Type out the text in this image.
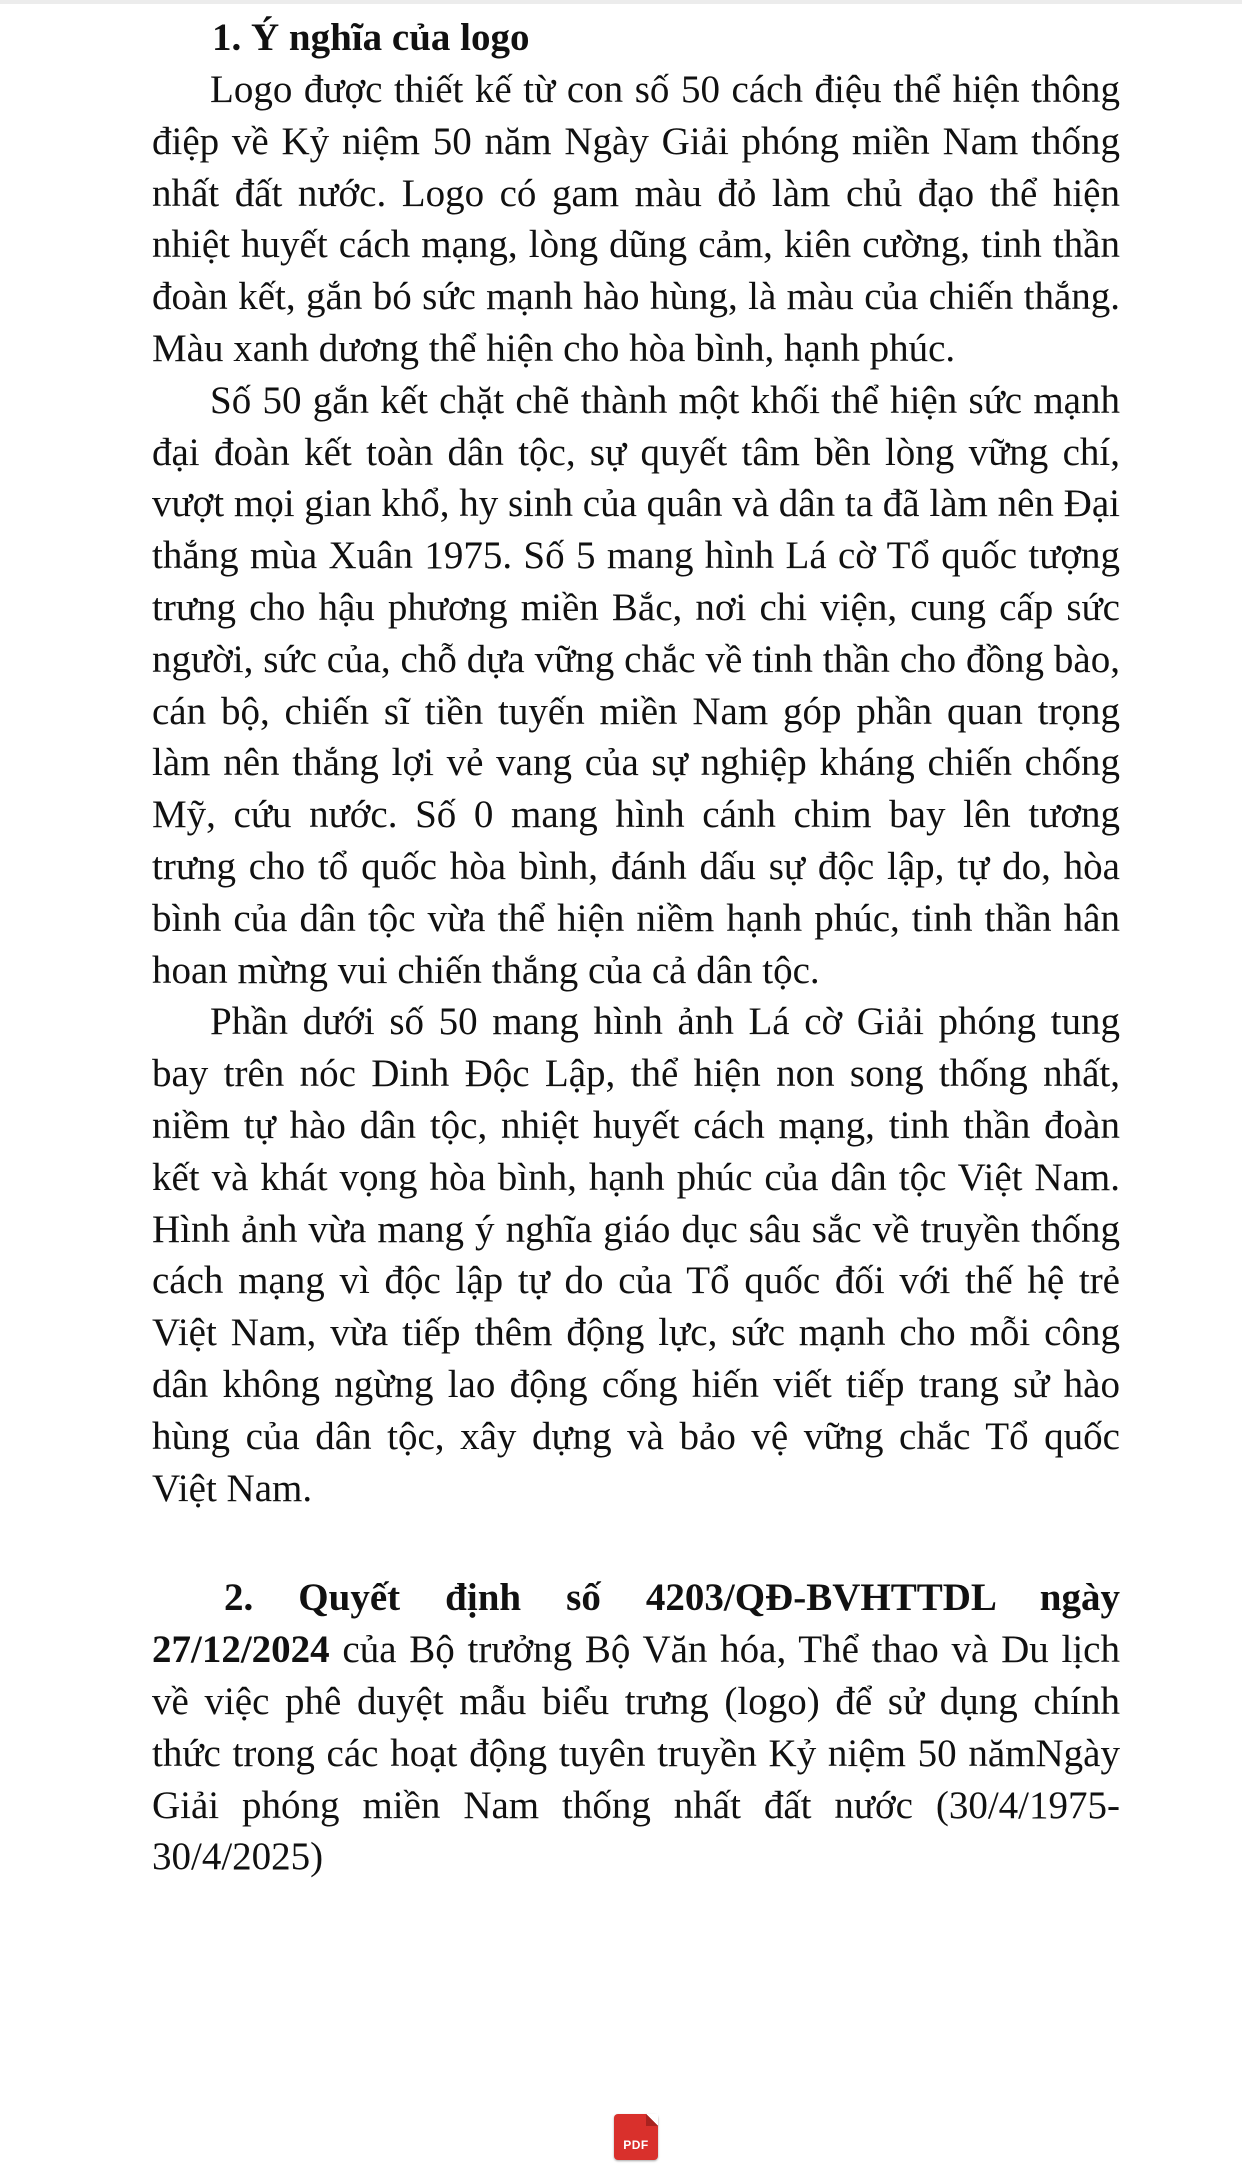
1. Ý nghĩa của logo

Logo được thiết kế từ con số 50 cách điệu thể hiện thông điệp về Kỷ niệm 50 năm Ngày Giải phóng miền Nam thống nhất đất nước. Logo có gam màu đỏ làm chủ đạo thể hiện nhiệt huyết cách mạng, lòng dũng cảm, kiên cường, tinh thần đoàn kết, gắn bó sức mạnh hào hùng, là màu của chiến thắng. Màu xanh dương thể hiện cho hòa bình, hạnh phúc.

Số 50 gắn kết chặt chẽ thành một khối thể hiện sức mạnh đại đoàn kết toàn dân tộc, sự quyết tâm bền lòng vững chí, vượt mọi gian khổ, hy sinh của quân và dân ta đã làm nên Đại thắng mùa Xuân 1975. Số 5 mang hình Lá cờ Tổ quốc tượng trưng cho hậu phương miền Bắc, nơi chi viện, cung cấp sức người, sức của, chỗ dựa vững chắc về tinh thần cho đồng bào, cán bộ, chiến sĩ tiền tuyến miền Nam góp phần quan trọng làm nên thắng lợi vẻ vang của sự nghiệp kháng chiến chống Mỹ, cứu nước. Số 0 mang hình cánh chim bay lên tương trưng cho tổ quốc hòa bình, đánh dấu sự độc lập, tự do, hòa bình của dân tộc vừa thể hiện niềm hạnh phúc, tinh thần hân hoan mừng vui chiến thắng của cả dân tộc.

Phần dưới số 50 mang hình ảnh Lá cờ Giải phóng tung bay trên nóc Dinh Độc Lập, thể hiện non song thống nhất, niềm tự hào dân tộc, nhiệt huyết cách mạng, tinh thần đoàn kết và khát vọng hòa bình, hạnh phúc của dân tộc Việt Nam. Hình ảnh vừa mang ý nghĩa giáo dục sâu sắc về truyền thống cách mạng vì độc lập tự do của Tổ quốc đối với thế hệ trẻ Việt Nam, vừa tiếp thêm động lực, sức mạnh cho mỗi công dân không ngừng lao động cống hiến viết tiếp trang sử hào hùng của dân tộc, xây dựng và bảo vệ vững chắc Tổ quốc Việt Nam.

2. Quyết định số 4203/QĐ-BVHTTDL ngày 27/12/2024 của Bộ trưởng Bộ Văn hóa, Thể thao và Du lịch về việc phê duyệt mẫu biểu trưng (logo) để sử dụng chính thức trong các hoạt động tuyên truyền Kỷ niệm 50 nămNgày Giải phóng miền Nam thống nhất đất nước (30/4/1975-30/4/2025)

PDF
